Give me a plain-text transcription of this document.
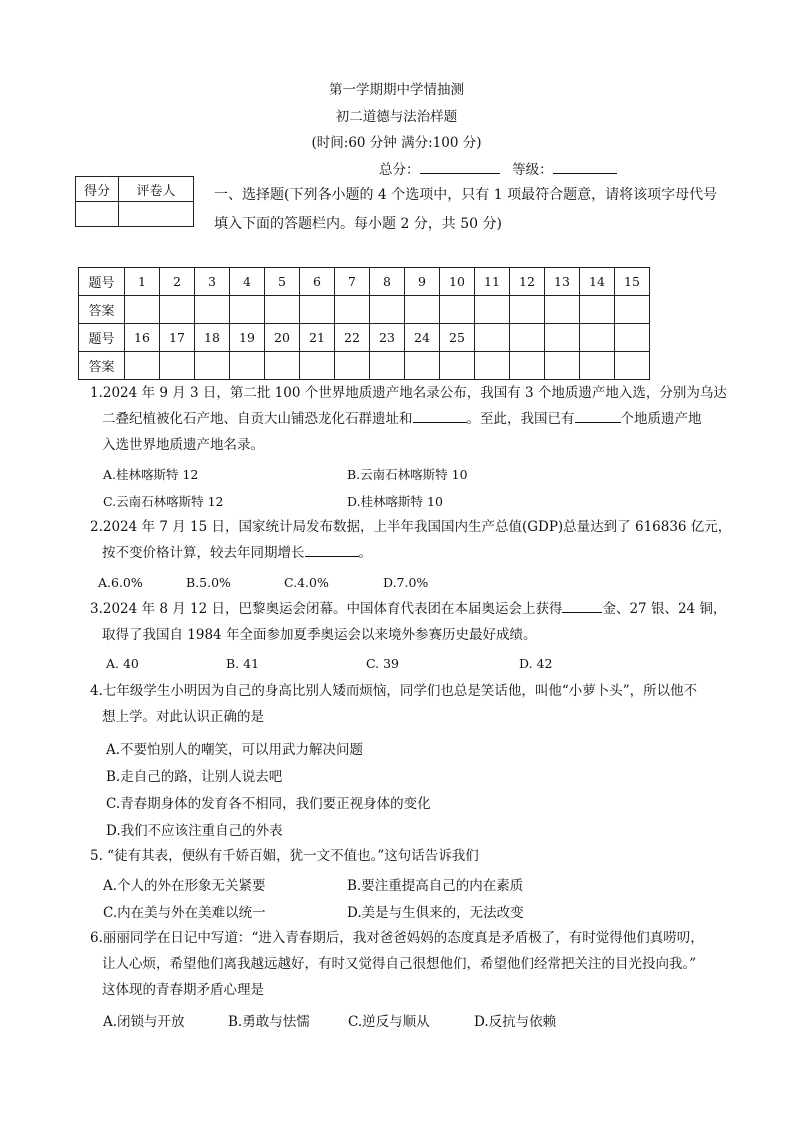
第一学期期中学情抽测
初二道德与法治样题
(时间:60 分钟 满分:100 分)
总分：	等级：
得分	评卷人
		一、选择题(下列各小题的 4 个选项中，只有 1 项最符合题意，请将该项字母代号
填入下面的答题栏内。每小题 2 分，共 50 分)
题号	1	2	3	4	5	6	7	8	9	10	11	12	13	14	15
答案															
题号	16	17	18	19	20	21	22	23	24	25					
答案															
1.2024 年 9 月 3 日，第二批 100 个世界地质遗产地名录公布，我国有 3 个地质遗产地入选，分别为乌达
二叠纪植被化石产地、自贡大山铺恐龙化石群遗址和	。至此，我国已有	个地质遗产地
入选世界地质遗产地名录。
A.桂林喀斯特 12	B.云南石林喀斯特 10
C.云南石林喀斯特 12	D.桂林喀斯特 10
2.2024 年 7 月 15 日，国家统计局发布数据，上半年我国国内生产总值(GDP)总量达到了 616836 亿元，
按不变价格计算，较去年同期增长	。
A.6.0%	B.5.0%	C.4.0%	D.7.0%
3.2024 年 8 月 12 日，巴黎奥运会闭幕。中国体育代表团在本届奥运会上获得	金、27 银、24 铜，
取得了我国自 1984 年全面参加夏季奥运会以来境外参赛历史最好成绩。
A. 40	B. 41	C. 39	D. 42
4.七年级学生小明因为自己的身高比别人矮而烦恼，同学们也总是笑话他，叫他“小萝卜头”，所以他不
想上学。对此认识正确的是
A.不要怕别人的嘲笑，可以用武力解决问题
B.走自己的路，让别人说去吧
C.青春期身体的发育各不相同，我们要正视身体的变化
D.我们不应该注重自己的外表
5. “徒有其表，便纵有千娇百媚，犹一文不值也。”这句话告诉我们
A.个人的外在形象无关紧要	B.要注重提高自己的内在素质
C.内在美与外在美难以统一	D.美是与生俱来的，无法改变
6.丽丽同学在日记中写道：“进入青春期后，我对爸爸妈妈的态度真是矛盾极了，有时觉得他们真唠叨，
让人心烦，希望他们离我越远越好，有时又觉得自己很想他们，希望他们经常把关注的目光投向我。”
这体现的青春期矛盾心理是
A.闭锁与开放	B.勇敢与怯懦	C.逆反与顺从	D.反抗与依赖
